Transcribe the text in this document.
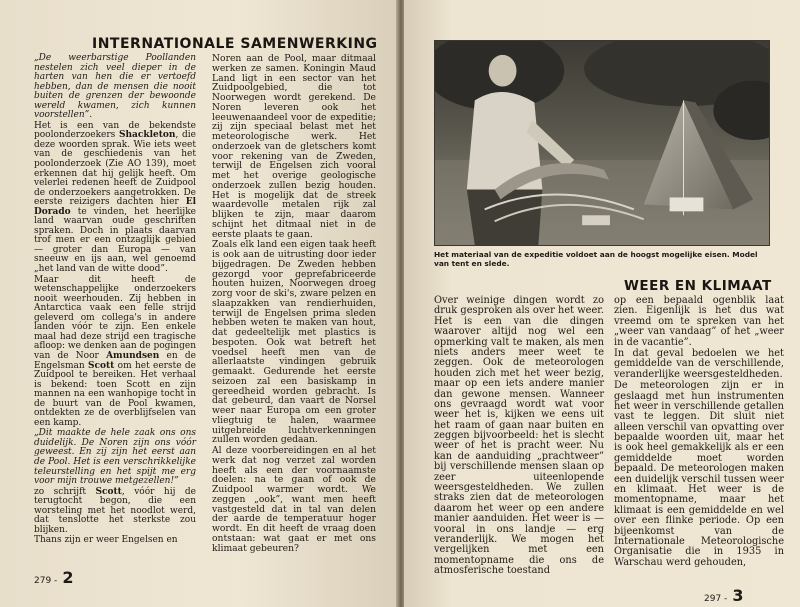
INTERNATIONALE SAMENWERKING

„De weerbarstige Poollanden nestelen zich veel dieper in de harten van hen die er vertoefd hebben, dan de mensen die nooit buiten de grenzen der bewoonde wereld kwamen, zich kunnen voorstellen”.

Het is een van de bekendste poolonderzoekers Shackleton, die deze woorden sprak. Wie iets weet van de geschiedenis van het poolonderzoek (Zie AO 139), moet erkennen dat hij gelijk heeft. Om velerlei redenen heeft de Zuidpool de onderzoekers aangetrokken. De eerste reizigers dachten hier El Dorado te vinden, het heerlijke land waarvan oude geschriften spraken. Doch in plaats daarvan trof men er een ontzaglijk gebied — groter dan Europa — van sneeuw en ijs aan, wel genoemd „het land van de witte dood”.

Maar dit heeft de wetenschappelijke onderzoekers nooit weerhouden. Zij hebben in Antarctica vaak een felle strijd geleverd om collega's in andere landen vóór te zijn. Een enkele maal had deze strijd een tragische afloop: we denken aan de pogingen van de Noor Amundsen en de Engelsman Scott om het eerste de Zuidpool te bereiken. Het verhaal is bekend: toen Scott en zijn mannen na een wanhopige tocht in de buurt van de Pool kwamen, ontdekten ze de overblijfselen van een kamp.

„Dit maakte de hele zaak ons ons duidelijk. De Noren zijn ons vóór geweest. En zij zijn het eerst aan de Pool. Het is een verschrikkelijke teleurstelling en het spijt me erg voor mijn trouwe metgezellen!”

zo schrijft Scott, vóór hij de terugtocht begon, die een worsteling met het noodlot werd, dat tenslotte het sterkste zou blijken.

Thans zijn er weer Engelsen en

Noren aan de Pool, maar ditmaal werken ze samen. Koningin Maud Land ligt in een sector van het Zuidpoolgebied, die tot Noorwegen wordt gerekend. De Noren leveren ook het leeuwenaandeel voor de expeditie; zij zijn speciaal belast met het meteorologische werk. Het onderzoek van de gletschers komt voor rekening van de Zweden, terwijl de Engelsen zich vooral met het overige geologische onderzoek zullen bezig houden. Het is mogelijk dat de streek waardevolle metalen rijk zal blijken te zijn, maar daarom schijnt het ditmaal niet in de eerste plaats te gaan.

Zoals elk land een eigen taak heeft is ook aan de uitrusting door ieder bijgedragen. De Zweden hebben gezorgd voor geprefabriceerde houten huizen, Noorwegen droeg zorg voor de ski's, zware pelzen en slaapzakken van rendierhuiden, terwijl de Engelsen prima sleden hebben weten te maken van hout, dat gedeeltelijk met plastics is bespoten. Ook wat betreft het voedsel heeft men van de allerlaatste vindingen gebruik gemaakt. Gedurende het eerste seizoen zal een basiskamp in gereedheid worden gebracht. Is dat gebeurd, dan vaart de Norsel weer naar Europa om een groter vliegtuig te halen, waarmee uitgebreide luchtverkenningen zullen worden gedaan.

Al deze voorbereidingen en al het werk dat nog verzet zal worden heeft als een der voornaamste doelen: na te gaan of ook de Zuidpool warmer wordt. We zeggen „ook”, want men heeft vastgesteld dat in tal van delen der aarde de temperatuur hoger wordt. En dit heeft de vraag doen ontstaan: wat gaat er met ons klimaat gebeuren?

279 - 2
Het materiaal van de expeditie voldoet aan de hoogst mogelijke eisen. Model van tent en slede.
WEER EN KLIMAAT

Over weinige dingen wordt zo druk gesproken als over het weer. Het is een van die dingen waarover altijd nog wel een opmerking valt te maken, als men niets anders meer weet te zeggen. Ook de meteorologen houden zich met het weer bezig, maar op een iets andere manier dan gewone mensen. Wanneer ons gevraagd wordt wat voor weer het is, kijken we eens uit het raam of gaan naar buiten en zeggen bijvoorbeeld: het is slecht weer of het is pracht weer. Nu kan de aanduiding „prachtweer” bij verschillende mensen slaan op zeer uiteenlopende weersgesteldheden. We zullen straks zien dat de meteorologen daarom het weer op een andere manier aanduiden. Het weer is — vooral in ons landje — erg veranderlijk. We mogen het vergelijken met een momentopname die ons de atmosferische toestand

op een bepaald ogenblik laat zien. Eigenlijk is het dus wat vreemd om te spreken van het „weer van vandaag” of het „weer in de vacantie”.

In dat geval bedoelen we het gemiddelde van de verschillende, veranderlijke weersgesteldheden.

De meteorologen zijn er in geslaagd met hun instrumenten het weer in verschillende getallen vast te leggen. Dit sluit niet alleen verschil van opvatting over bepaalde woorden uit, maar het is ook heel gemakkelijk als er een gemiddelde moet worden bepaald. De meteorologen maken een duidelijk verschil tussen weer en klimaat. Het weer is de momentopname, maar het klimaat is een gemiddelde en wel over een flinke periode. Op een bijeenkomst van de Internationale Meteorologische Organisatie die in 1935 in Warschau werd gehouden,

297 - 3
